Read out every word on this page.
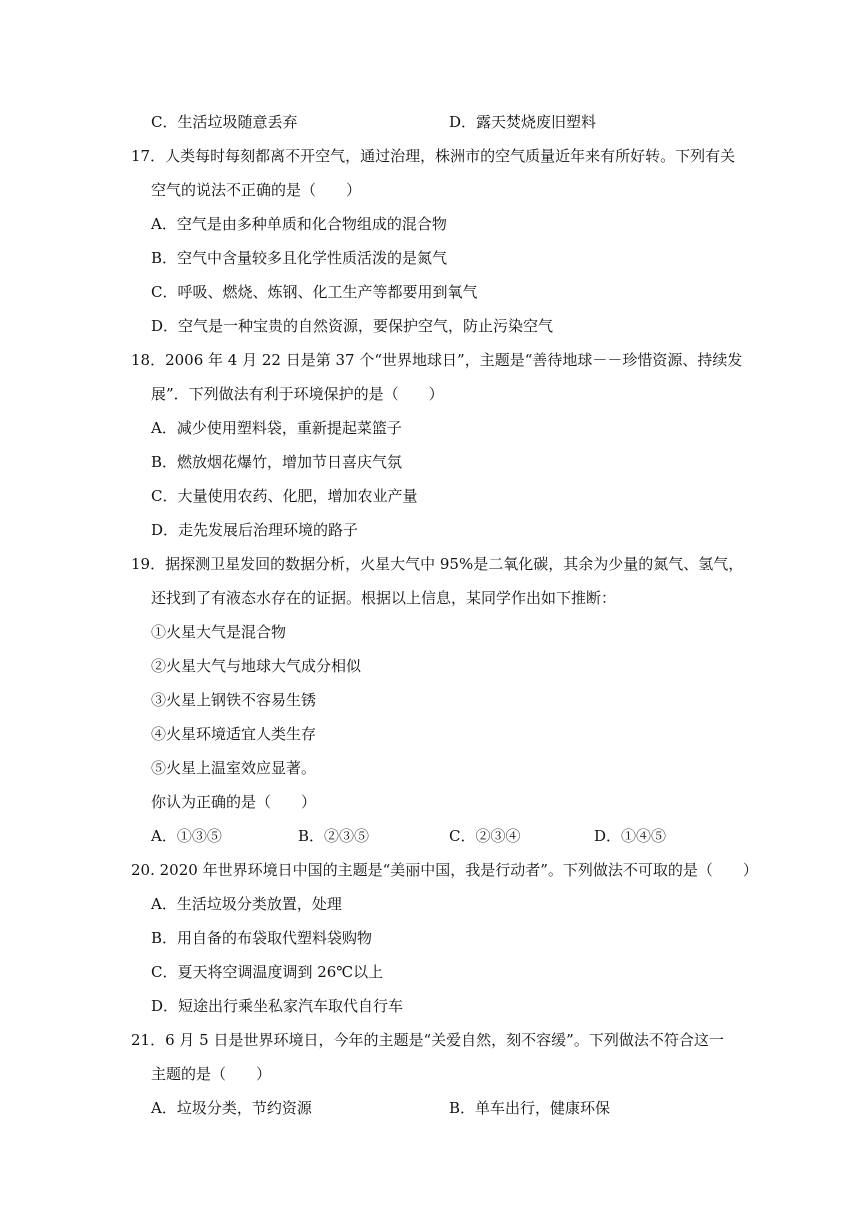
C．生活垃圾随意丢弃	D．露天焚烧废旧塑料
17．人类每时每刻都离不开空气，通过治理，株洲市的空气质量近年来有所好转。下列有关
空气的说法不正确的是（　　）
A．空气是由多种单质和化合物组成的混合物
B．空气中含量较多且化学性质活泼的是氮气
C．呼吸、燃烧、炼钢、化工生产等都要用到氧气
D．空气是一种宝贵的自然资源，要保护空气，防止污染空气
18．2006 年 4 月 22 日是第 37 个“世界地球日”，主题是“善待地球－－珍惜资源、持续发
展”．下列做法有利于环境保护的是（　　）
A．减少使用塑料袋，重新提起菜篮子
B．燃放烟花爆竹，增加节日喜庆气氛
C．大量使用农药、化肥，增加农业产量
D．走先发展后治理环境的路子
19．据探测卫星发回的数据分析，火星大气中 95%是二氧化碳，其余为少量的氮气、氢气，
还找到了有液态水存在的证据。根据以上信息，某同学作出如下推断：
①火星大气是混合物
②火星大气与地球大气成分相似
③火星上钢铁不容易生锈
④火星环境适宜人类生存
⑤火星上温室效应显著。
你认为正确的是（　　）
A．①③⑤	B．②③⑤	C．②③④	D．①④⑤
20. 2020 年世界环境日中国的主题是“美丽中国，我是行动者”。下列做法不可取的是（　　）
A．生活垃圾分类放置，处理
B．用自备的布袋取代塑料袋购物
C．夏天将空调温度调到 26℃以上
D．短途出行乘坐私家汽车取代自行车
21．6 月 5 日是世界环境日，今年的主题是“关爱自然，刻不容缓”。下列做法不符合这一
主题的是（　　）
A．垃圾分类，节约资源	B．单车出行，健康环保
